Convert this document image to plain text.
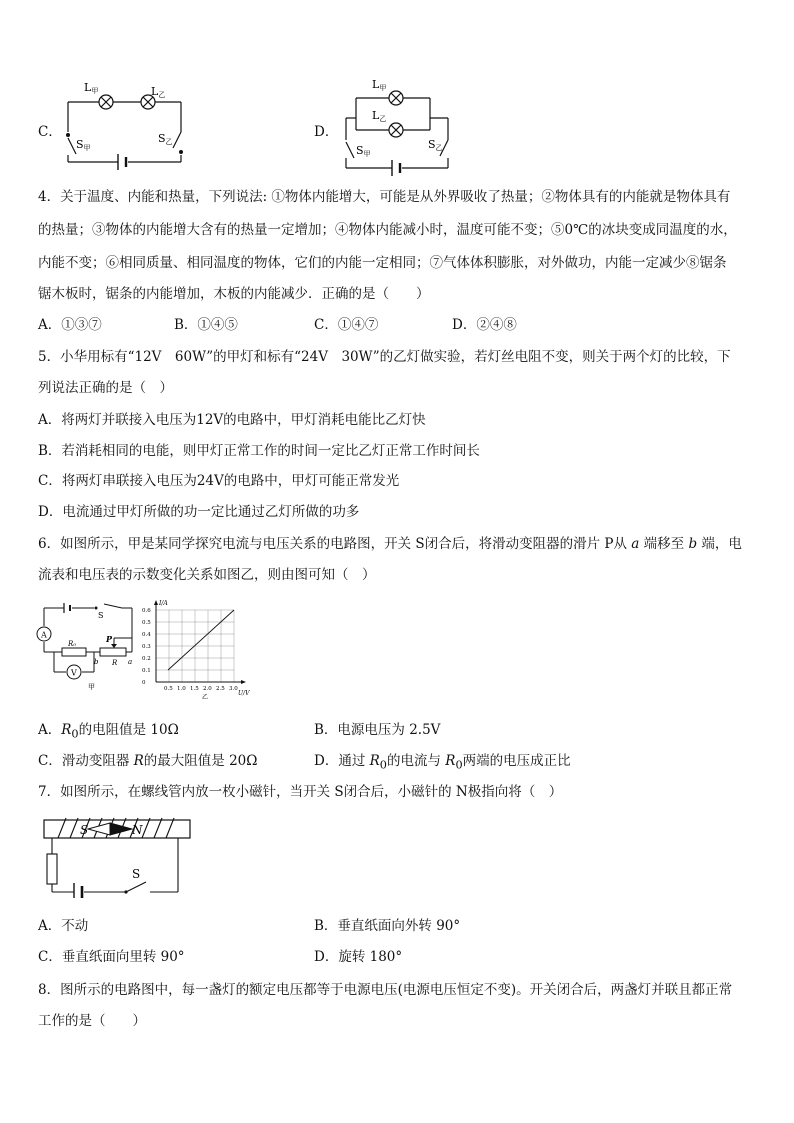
C．
L甲	L乙
S甲
S乙
D．
L甲
L乙
S甲
S乙
4．关于温度、内能和热量，下列说法: ①物体内能增大，可能是从外界吸收了热量；②物体具有的内能就是物体具有
的热量；③物体的内能增大含有的热量一定增加；④物体内能减小时，温度可能不变；⑤0℃的冰块变成同温度的水，
内能不变；⑥相同质量、相同温度的物体，它们的内能一定相同；⑦气体体积膨胀，对外做功，内能一定减少⑧锯条
锯木板时，锯条的内能增加，木板的内能减少．正确的是（　　）
A．①③⑦	B．①④⑤	C．①④⑦	D．②④⑧
5．小华用标有“12V　60W”的甲灯和标有“24V　30W”的乙灯做实验，若灯丝电阻不变，则关于两个灯的比较，下
列说法正确的是（　）
A．将两灯并联接入电压为12V的电路中，甲灯消耗电能比乙灯快
B．若消耗相同的电能，则甲灯正常工作的时间一定比乙灯正常工作时间长
C．将两灯串联接入电压为24V的电路中，甲灯可能正常发光
D．电流通过甲灯所做的功一定比通过乙灯所做的功多
6．如图所示，甲是某同学探究电流与电压关系的电路图，开关 S闭合后，将滑动变阻器的滑片 P从 a 端移至 b 端，电
流表和电压表的示数变化关系如图乙，则由图可知（　）
A
V
S
R₀	P
R
b	a
甲
I/A
U/V
0.6
0.5
0.4
0.3
0.2
0.1
0
0.5 1.0 1.5 2.0 2.5 3.0
乙
A．$R_0$的电阻值是 10Ω	B．电源电压为 2.5V
C．滑动变阻器 R的最大阻值是 20Ω	D．通过 $R_0$的电流与 $R_0$两端的电压成正比
7．如图所示，在螺线管内放一枚小磁针，当开关 S闭合后，小磁针的 N极指向将（　）
S	N
S
A．不动	B．垂直纸面向外转 90°
C．垂直纸面向里转 90°	D．旋转 180°
8．图所示的电路图中，每一盏灯的额定电压都等于电源电压(电源电压恒定不变)。开关闭合后，两盏灯并联且都正常
工作的是（　　）
